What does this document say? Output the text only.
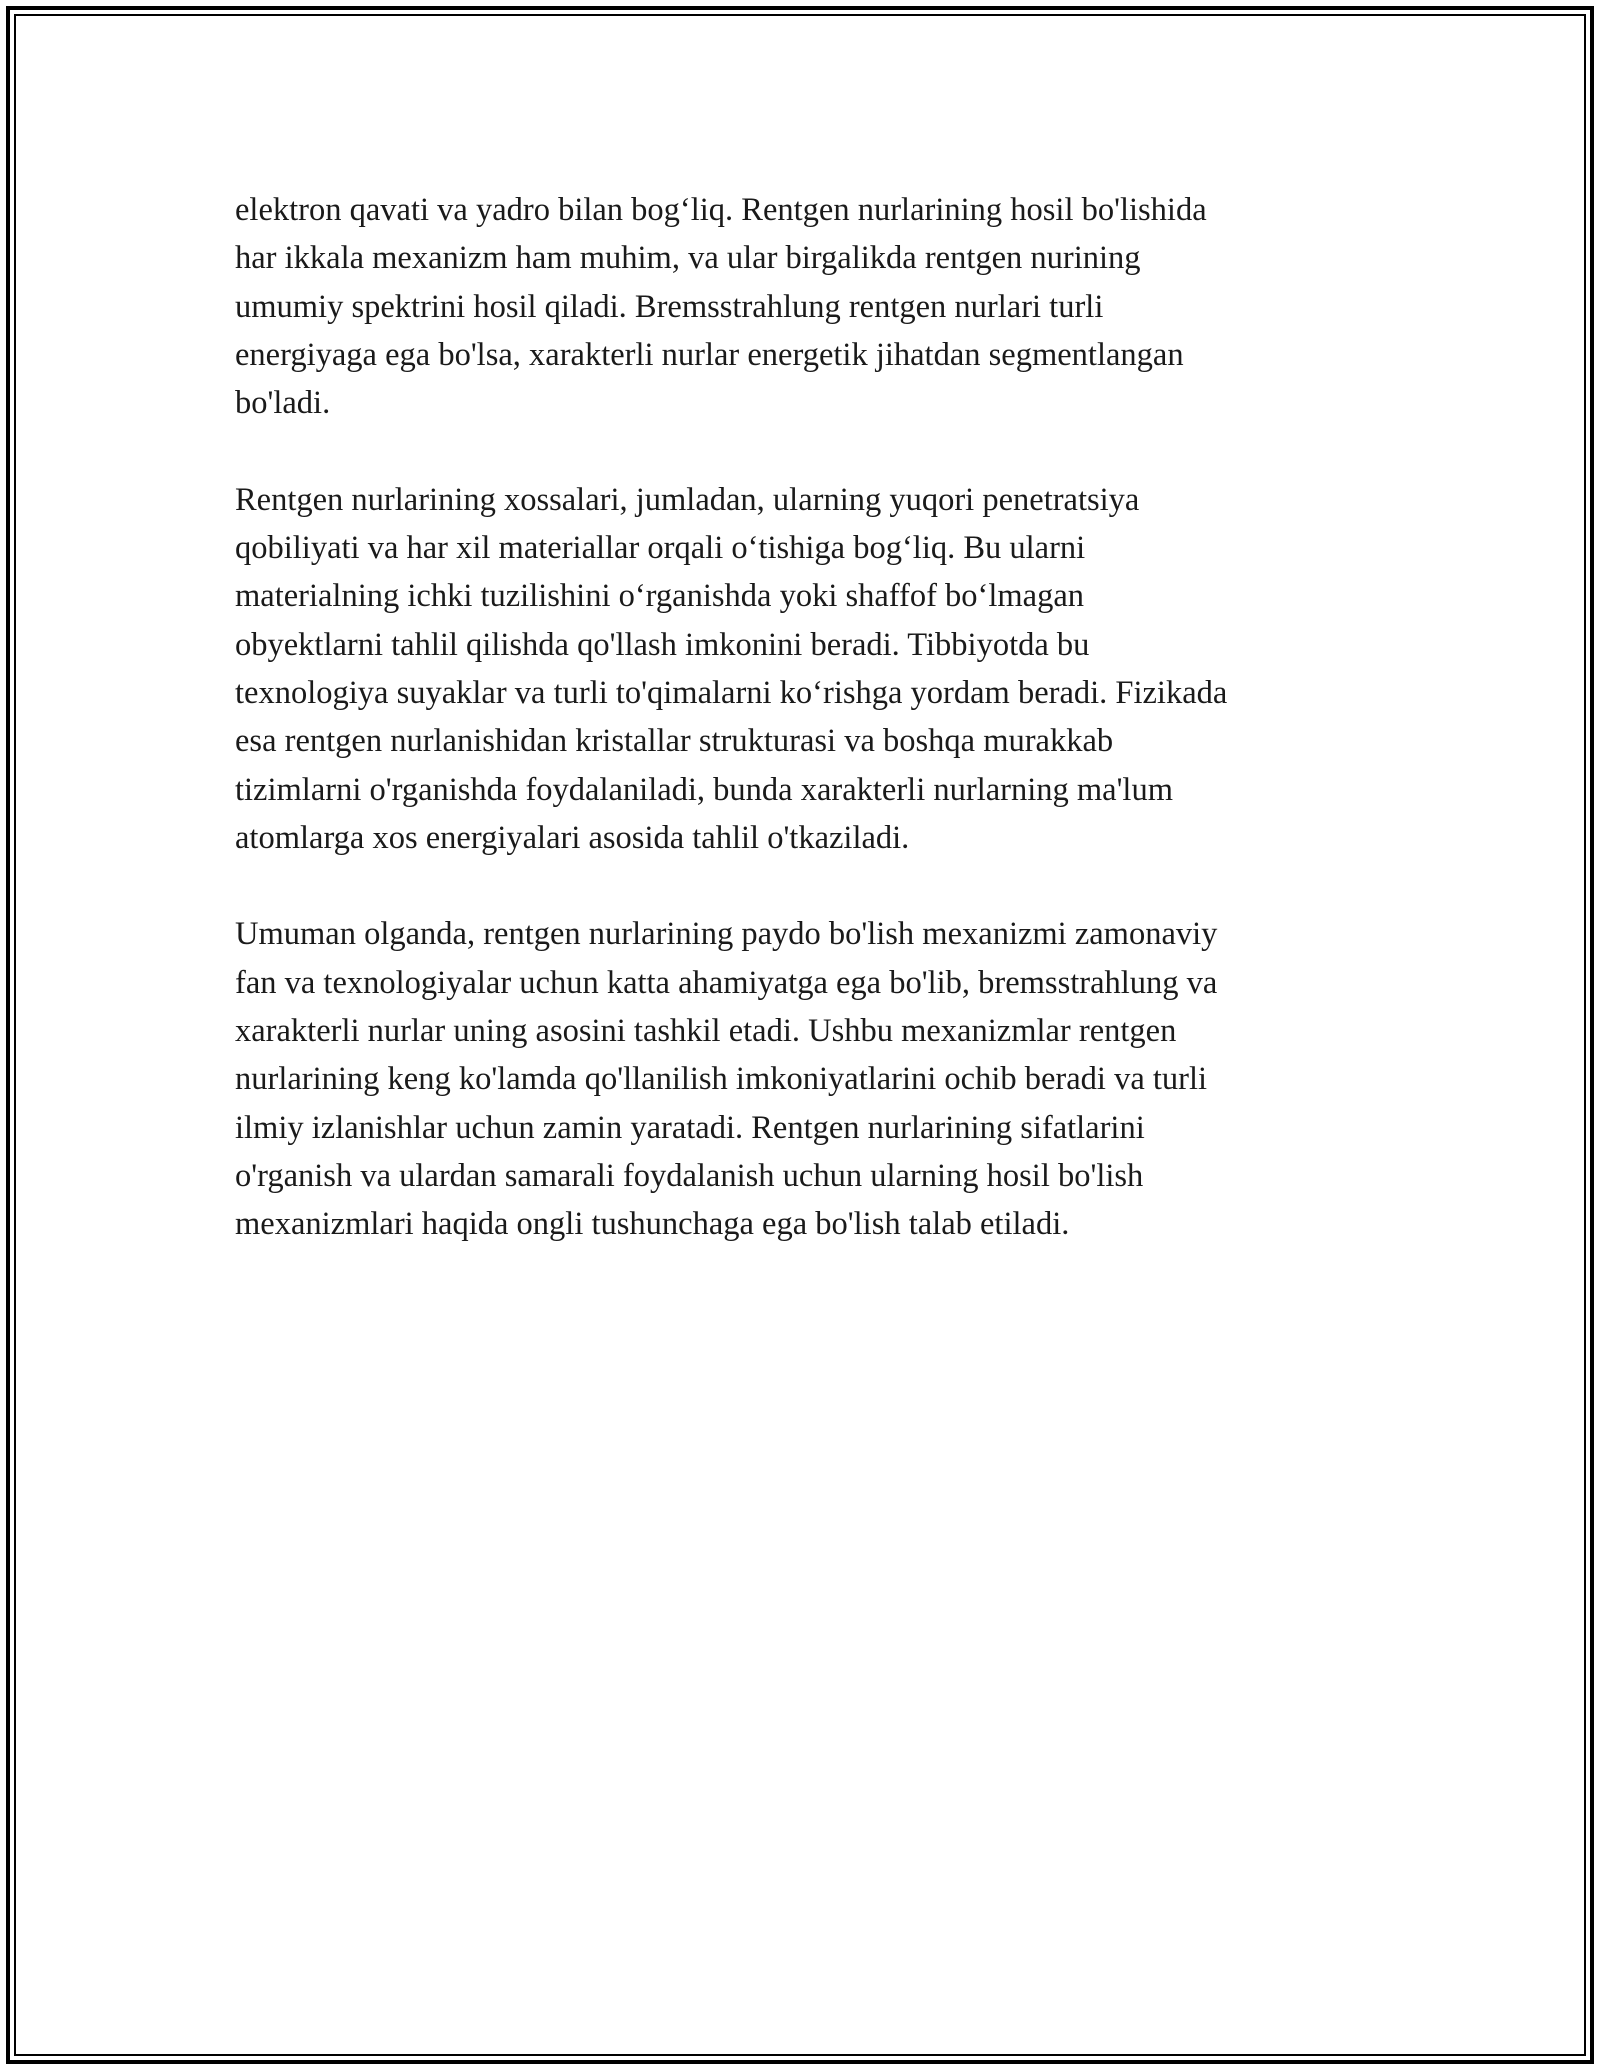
elektron qavati va yadro bilan bog‘liq. Rentgen nurlarining hosil bo'lishida
har ikkala mexanizm ham muhim, va ular birgalikda rentgen nurining
umumiy spektrini hosil qiladi. Bremsstrahlung rentgen nurlari turli
energiyaga ega bo'lsa, xarakterli nurlar energetik jihatdan segmentlangan
bo'ladi.

Rentgen nurlarining xossalari, jumladan, ularning yuqori penetratsiya
qobiliyati va har xil materiallar orqali o‘tishiga bog‘liq. Bu ularni
materialning ichki tuzilishini o‘rganishda yoki shaffof bo‘lmagan
obyektlarni tahlil qilishda qo'llash imkonini beradi. Tibbiyotda bu
texnologiya suyaklar va turli to'qimalarni ko‘rishga yordam beradi. Fizikada
esa rentgen nurlanishidan kristallar strukturasi va boshqa murakkab
tizimlarni o'rganishda foydalaniladi, bunda xarakterli nurlarning ma'lum
atomlarga xos energiyalari asosida tahlil o'tkaziladi.

Umuman olganda, rentgen nurlarining paydo bo'lish mexanizmi zamonaviy
fan va texnologiyalar uchun katta ahamiyatga ega bo'lib, bremsstrahlung va
xarakterli nurlar uning asosini tashkil etadi. Ushbu mexanizmlar rentgen
nurlarining keng ko'lamda qo'llanilish imkoniyatlarini ochib beradi va turli
ilmiy izlanishlar uchun zamin yaratadi. Rentgen nurlarining sifatlarini
o'rganish va ulardan samarali foydalanish uchun ularning hosil bo'lish
mexanizmlari haqida ongli tushunchaga ega bo'lish talab etiladi.
